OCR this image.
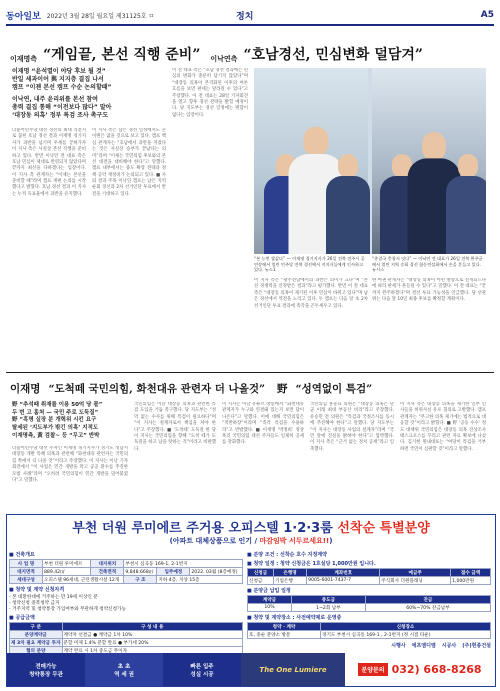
동아일보 2022년 3월 28일 월요일 제31125호 ㅁ	정치	A5
이재명측 “게임끝, 본선 직행 준비” 이낙연측 “호남경선, 민심변화 덜담겨”
이재명 “윤석열이 야당 후보 될 것”
반일 세과이어 與 지지층 결집 나서
캠프 “이젠 본선 캠프 수순 논의할때”
이낙연, 내주 윤리위를 본선 참여
총력 결집 통해 “이전보다 많다” 말아
‘대장동 의혹’ 정부 특검 조사 촉구도
더불어민주당 대선 경선의 최대 격전지로 꼽힌 호남 경선 결과 이재명 경기지사가 과반을 넘기며 우세를 굳혀가자 이 지사 측은 사실상 본선 직행을 준비하고 있다. 반면 이낙연 전 대표 측은 호남 민심이 제대로 반영되지 않았다며 끝까지 최선을 다하겠다는 입장이다. 이 지사 측 관계자는 “이제는 본선을 준비할 때”라며 캠프 재편 논의를 시작했다고 밝혔다. 호남 경선 결과 이 지사는 누적 득표율에서 과반을 유지했다.
이 지사 측은 남은 경선 일정에서도 큰 이변은 없을 것으로 보고 있다. 캠프 핵심 관계자는 “호남에서 과반을 지켰다는 것은 사실상 승부가 끝났다는 의미”라며 “이제는 국민의힘 후보와의 본선 대결을 대비해야 한다”고 말했다. 캠프 내부에서는 중도 확장 전략과 정책 공약 재정비가 논의되고 있다. ■ 사퇴 결과 주목 이낙연 캠프는 남은 지역 순회 경선과 2차 선거인단 투표에서 반전을 기대하고 있다.
이 전 대표 측은 “호남 경선 결과에는 민심의 변화가 충분히 담기지 않았다”며 “대장동 의혹이 본격화된 이후의 여론 흐름을 보면 판세는 달라질 수 있다”고 주장했다. 이 전 대표는 28일 기자회견을 열고 향후 경선 전략을 밝힐 예정이다. 당 지도부는 경선 일정에는 변함이 없다는 입장이다.
“본 농번 쌀값다” — 이재명 경기지사가 26일 전북 전주시 공연장에서 열린 민주당 전북 경선에서 지지자들에게 인사하고 있다. 뉴스1
“총결국 충청서 잇다” — 이낙연 전 대표가 26일 전북 완주군에서 열린 지역 순회 경선 합동연설회에서 손을 흔들고 있다. 뉴시스
이 지사 측은 “광주전남에서의 과반은 의미가 크다”며 “본선 경쟁력을 인정받은 결과”라고 평가했다. 반면 이 전 대표 측은 “대장동 의혹이 제기된 이후 민심이 바뀌고 있다”며 남은 경선에서 역전을 노리고 있다. 두 캠프는 다음 달 초 2차 선거인단 투표 결과에 촉각을 곤두세우고 있다.
한 여권 관계자는 “대장동 의혹이 어떤 방향으로 전개되느냐에 따라 판세가 흔들릴 수 있다”고 말했다. 이 전 대표는 “끝까지 완주하겠다”며 결선 투표 가능성을 언급했다. 당 선관위는 다음 달 10일 최종 후보를 확정할 계획이다.
이재명 “도척떼 국민의힘, 화천대유 관련자 더 나올것” 野 “성역없이 특검”
野 “추석때 취재를 이용 50억 당 몫”
두 번 고 훔쳐 — 국민 주로 도둑질”
野 “흑명 실장 분 개혁위 시킨 요구
탈세된 ‘지도부가 밖긴 의혹’ 지적도
이재명측, 黃 검찰~ 등 “무고” 반박
더불어민주당 대선 주자인 이재명 경기지사가 경기도 성남시 대장동 개발 특혜 의혹과 관련해 “화천대유 관련자는 국민의힘 쪽에서 더 나올 것”이라고 주장했다. 이 지사는 이날 기자회견에서 “이 사업은 민간 개발을 막고 공공 환수를 추진한 모범 사례”라며 “오히려 국민의힘이 민간 개발을 밀어붙였다”고 말했다.
국민의힘은 이날 대장동 의혹과 관련한 특검 도입을 거듭 촉구했다. 당 지도부는 “성역 없는 수사를 위해 특검이 필요하다”며 “이 지사는 설계자로서 책임을 져야 한다”고 주장했다. ■ ‘도척떼’ 도둑질 한 당 이 지사는 국민의힘을 향해 “도척 떼가 도둑질을 하고 남을 탓하는 격”이라고 비판했다.
이 지사는 이날 유튜브 방송에서 “화천대유 관계자가 누구와 연결돼 있는지 보면 답이 나온다”고 말했다. 이에 대해 국민의힘은 “적반하장”이라며 “즉각 특검을 수용하라”고 반발했다. ■ 이재명 ‘박정희’ 정상 흑리 국민의힘 대선 주자들도 일제히 공세를 강화했다.
국민의힘 홍준표 의원은 “대장동 의혹은 단군 이래 최대 부동산 비리”라고 주장했다. 유승민 전 의원은 “특검과 국정조사를 동시에 추진해야 한다”고 말했다. 당 지도부는 “이 지사는 대장동 사업의 설계자”라며 “국민 앞에 진실을 밝혀야 한다”고 압박했다. 이 지사 측은 “근거 없는 정치 공세”라고 일축했다.
이 지사 측은 대장동 의혹을 제기한 일부 인사들을 허위사실 유포 혐의로 고발했다. 캠프 관계자는 “무고한 의혹 제기에는 법적으로 대응할 것”이라고 밝혔다. ■ 野 ‘공동 수수’ 정도 대책위 국민의힘은 대장동 의혹 진상조사 태스크포스를 꾸리고 관련 자료 확보에 나섰다. 김기현 원내대표는 “여당이 특검을 거부하면 국민이 심판할 것”이라고 말했다.
부천 더원 루미에르 주거용 오피스텔 1·2·3룸 선착순 특별분양
(아파트 대체상품으로 인기 / 마감임박 서두르세요!!)
■ 건축개요
사 업 명	부천 더원 루미에르	대지위치	부천시 심곡동 169-1, 2-1번지		
대지면적	889.42㎡	건축면적	9,848.668㎡	입주예정	2022. 03월 (8층예정)
세대구성	오피스텔 96세대, 근린생활시설 12개		구 조	지하 4층, 지상 15층	
■ 청약 및 계약 신청자격
- 본 대환한대에 거주하는 만 19세 이상인 분
- 청약신청 중복청약 금지
- 거주지역 및 청약통장 가입여부와 무관하게 청약신청가능
■ 공급금액
구 분	구 성 내 용
분양계약금	계약자 선결금 ● 계약금 1차 10%
제 3차 필요 계약금 투자	분할 미제 1.4% 분할 완료 ● 부가세 20%
협의 분양	계약 완료 시 1차 중도금 무이자
■ 분양 조건 : 선착순 호수 지정계약
■ 청약 일정 : 청약 신청금은 1호실당 1,000만원 입니다.
신청금	은행명	계좌번호	예금주	접수 금액
신청금	기업은행	9005-6001-7437-7	주식회사 더원플래닝	1,000만원
■ 분양금 납입 일정
계약금	중도금	잔금
10%	1~2회 납부	60%~70% 잔금납부
■ 청약 및 계약장소 : 사전예약제로 운영중
청약 · 계약	신청장소
호, 중순 분양소 방문	경기도 부천시 심곡동 169-1 , 2-1번지 (정 시점 타운)
시행사 에프엠디엠 시공사 (주)현종건설
전매가능
청약통장 무관
초 초
역 세 권
빠른 입주
성실 시공
The One Lumiere	분양문의 032) 668-8268
